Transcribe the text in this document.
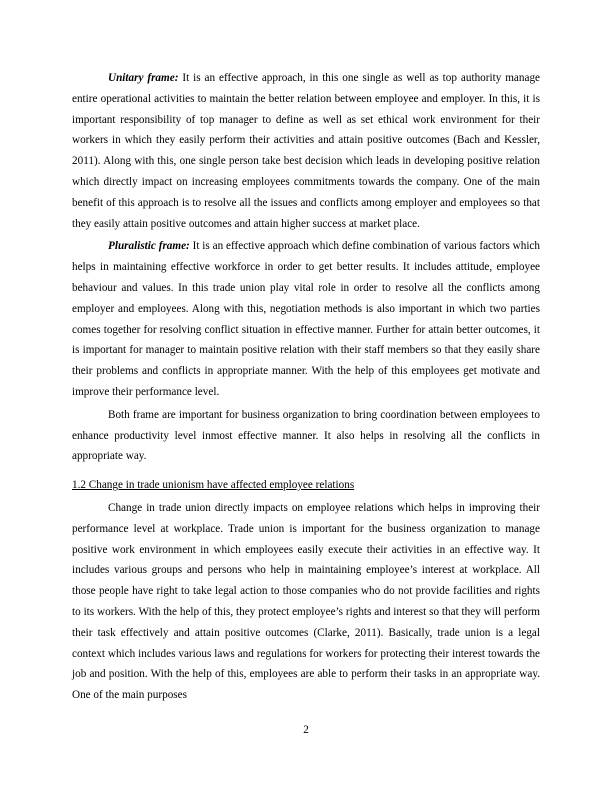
Unitary frame: It is an effective approach, in this one single as well as top authority manage entire operational activities to maintain the better relation between employee and employer. In this, it is important responsibility of top manager to define as well as set ethical work environment for their workers in which they easily perform their activities and attain positive outcomes (Bach and Kessler, 2011). Along with this, one single person take best decision which leads in developing positive relation which directly impact on increasing employees commitments towards the company. One of the main benefit of this approach is to resolve all the issues and conflicts among employer and employees so that they easily attain positive outcomes and attain higher success at market place.

Pluralistic frame: It is an effective approach which define combination of various factors which helps in maintaining effective workforce in order to get better results. It includes attitude, employee behaviour and values. In this trade union play vital role in order to resolve all the conflicts among employer and employees. Along with this, negotiation methods is also important in which two parties comes together for resolving conflict situation in effective manner. Further for attain better outcomes, it is important for manager to maintain positive relation with their staff members so that they easily share their problems and conflicts in appropriate manner. With the help of this employees get motivate and improve their performance level.

Both frame are important for business organization to bring coordination between employees to enhance productivity level inmost effective manner. It also helps in resolving all the conflicts in appropriate way.

1.2 Change in trade unionism have affected employee relations

Change in trade union directly impacts on employee relations which helps in improving their performance level at workplace. Trade union is important for the business organization to manage positive work environment in which employees easily execute their activities in an effective way. It includes various groups and persons who help in maintaining employee’s interest at workplace. All those people have right to take legal action to those companies who do not provide facilities and rights to its workers. With the help of this, they protect employee’s rights and interest so that they will perform their task effectively and attain positive outcomes (Clarke, 2011). Basically, trade union is a legal context which includes various laws and regulations for workers for protecting their interest towards the job and position. With the help of this, employees are able to perform their tasks in an appropriate way. One of the main purposes

2
